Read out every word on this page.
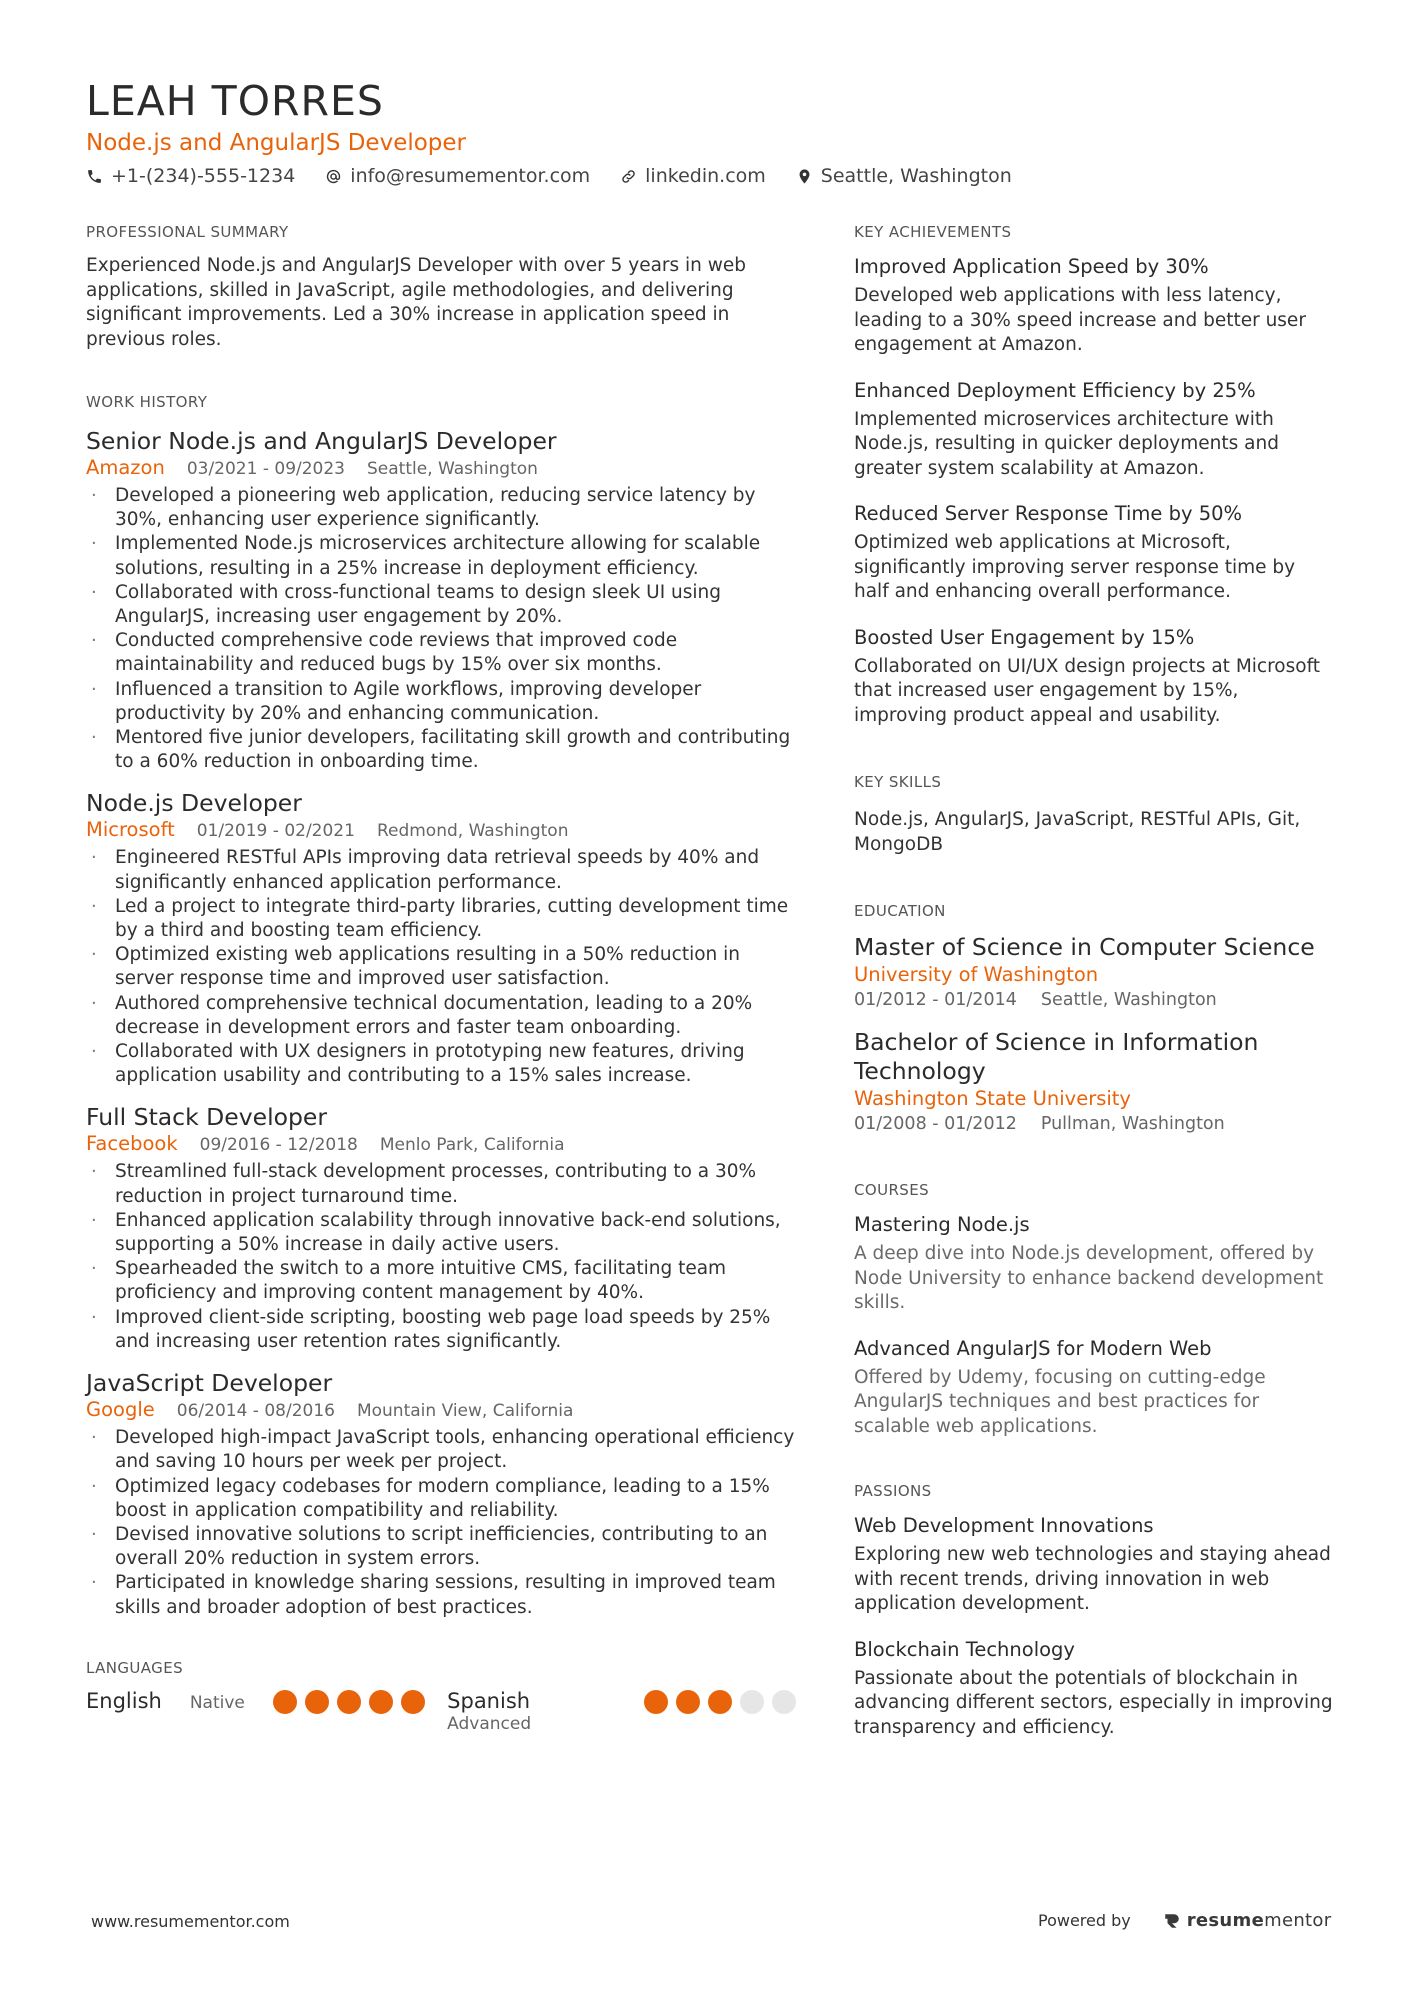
LEAH TORRES
Node.js and AngularJS Developer
+1-(234)-555-1234	info@resumementor.com	linkedin.com	Seattle, Washington
PROFESSIONAL SUMMARY
Experienced Node.js and AngularJS Developer with over 5 years in web applications, skilled in JavaScript, agile methodologies, and delivering significant improvements. Led a 30% increase in application speed in previous roles.
WORK HISTORY
Senior Node.js and AngularJS Developer
Amazon 03/2021 - 09/2023 Seattle, Washington
· Developed a pioneering web application, reducing service latency by 30%, enhancing user experience significantly.
· Implemented Node.js microservices architecture allowing for scalable solutions, resulting in a 25% increase in deployment efficiency.
· Collaborated with cross-functional teams to design sleek UI using AngularJS, increasing user engagement by 20%.
· Conducted comprehensive code reviews that improved code maintainability and reduced bugs by 15% over six months.
· Influenced a transition to Agile workflows, improving developer productivity by 20% and enhancing communication.
· Mentored five junior developers, facilitating skill growth and contributing to a 60% reduction in onboarding time.
Node.js Developer
Microsoft 01/2019 - 02/2021 Redmond, Washington
· Engineered RESTful APIs improving data retrieval speeds by 40% and significantly enhanced application performance.
· Led a project to integrate third-party libraries, cutting development time by a third and boosting team efficiency.
· Optimized existing web applications resulting in a 50% reduction in server response time and improved user satisfaction.
· Authored comprehensive technical documentation, leading to a 20% decrease in development errors and faster team onboarding.
· Collaborated with UX designers in prototyping new features, driving application usability and contributing to a 15% sales increase.
Full Stack Developer
Facebook 09/2016 - 12/2018 Menlo Park, California
· Streamlined full-stack development processes, contributing to a 30% reduction in project turnaround time.
· Enhanced application scalability through innovative back-end solutions, supporting a 50% increase in daily active users.
· Spearheaded the switch to a more intuitive CMS, facilitating team proficiency and improving content management by 40%.
· Improved client-side scripting, boosting web page load speeds by 25% and increasing user retention rates significantly.
JavaScript Developer
Google 06/2014 - 08/2016 Mountain View, California
· Developed high-impact JavaScript tools, enhancing operational efficiency and saving 10 hours per week per project.
· Optimized legacy codebases for modern compliance, leading to a 15% boost in application compatibility and reliability.
· Devised innovative solutions to script inefficiencies, contributing to an overall 20% reduction in system errors.
· Participated in knowledge sharing sessions, resulting in improved team skills and broader adoption of best practices.
LANGUAGES
English Native	Spanish
Advanced
KEY ACHIEVEMENTS
Improved Application Speed by 30%
Developed web applications with less latency, leading to a 30% speed increase and better user engagement at Amazon.
Enhanced Deployment Efficiency by 25%
Implemented microservices architecture with Node.js, resulting in quicker deployments and greater system scalability at Amazon.
Reduced Server Response Time by 50%
Optimized web applications at Microsoft, significantly improving server response time by half and enhancing overall performance.
Boosted User Engagement by 15%
Collaborated on UI/UX design projects at Microsoft that increased user engagement by 15%, improving product appeal and usability.
KEY SKILLS
Node.js, AngularJS, JavaScript, RESTful APIs, Git, MongoDB
EDUCATION
Master of Science in Computer Science
University of Washington
01/2012 - 01/2014 Seattle, Washington
Bachelor of Science in Information Technology
Washington State University
01/2008 - 01/2012 Pullman, Washington
COURSES
Mastering Node.js
A deep dive into Node.js development, offered by Node University to enhance backend development skills.
Advanced AngularJS for Modern Web
Offered by Udemy, focusing on cutting-edge AngularJS techniques and best practices for scalable web applications.
PASSIONS
Web Development Innovations
Exploring new web technologies and staying ahead with recent trends, driving innovation in web application development.
Blockchain Technology
Passionate about the potentials of blockchain in advancing different sectors, especially in improving transparency and efficiency.
www.resumementor.com	Powered by	resume mentor
